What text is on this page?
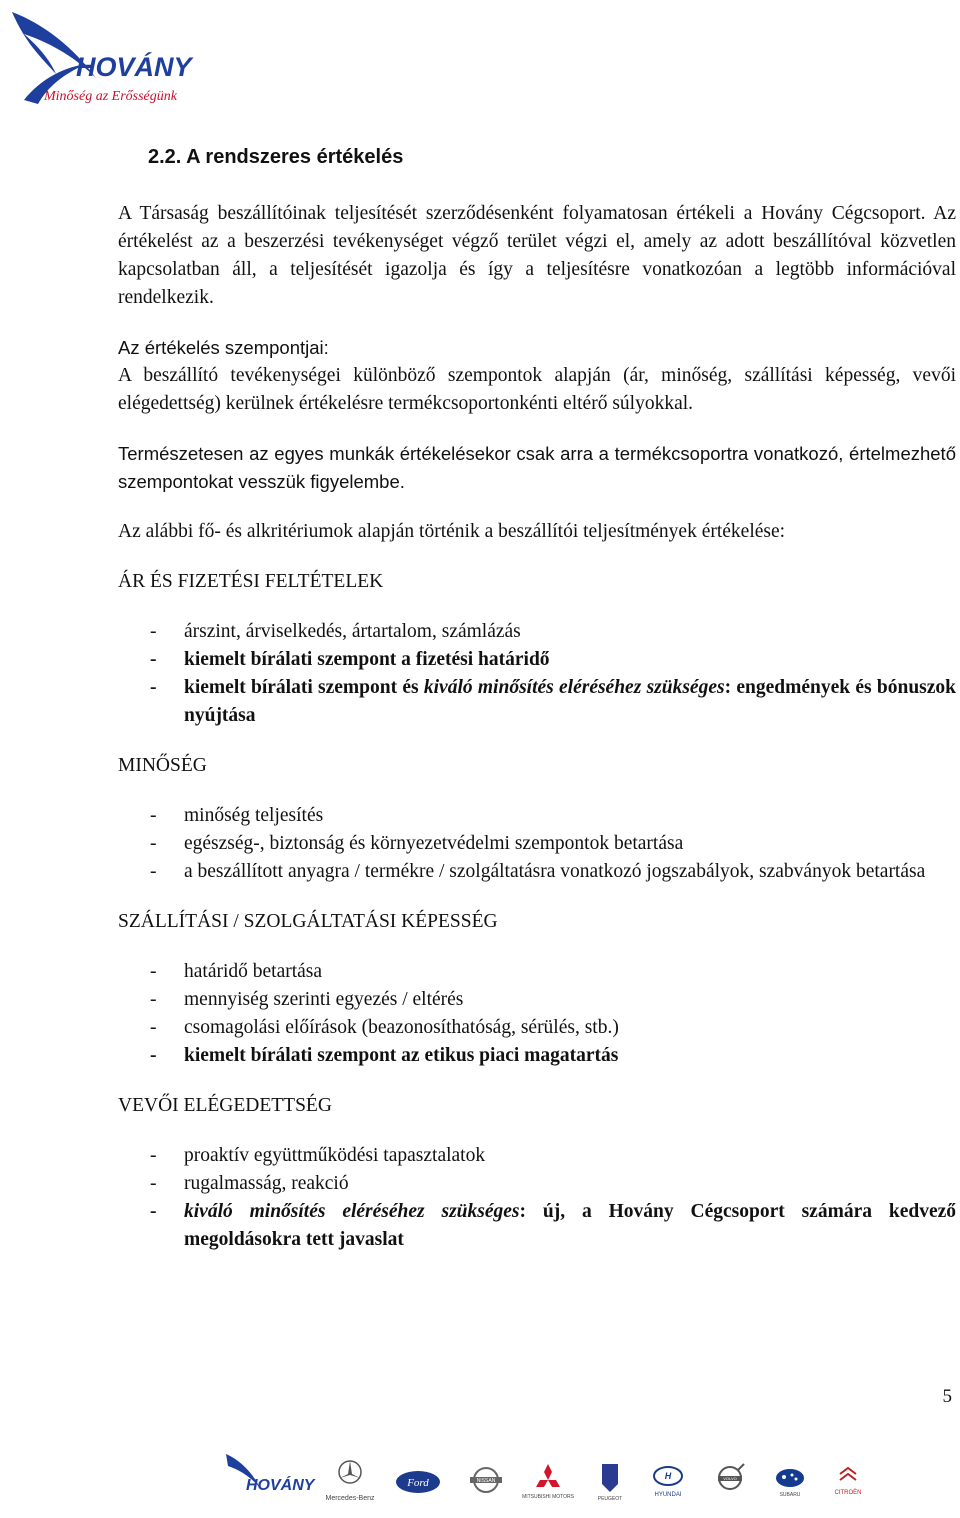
HOVÁNY
Minőség az Erősségünk
2.2. A rendszeres értékelés

A Társaság beszállítóinak teljesítését szerződésenként folyamatosan értékeli a Hovány Cégcsoport. Az értékelést az a beszerzési tevékenységet végző terület végzi el, amely az adott beszállítóval közvetlen kapcsolatban áll, a teljesítését igazolja és így a teljesítésre vonatkozóan a legtöbb információval rendelkezik.

Az értékelés szempontjai:

A beszállító tevékenységei különböző szempontok alapján (ár, minőség, szállítási képesség, vevői elégedettség) kerülnek értékelésre termékcsoportonkénti eltérő súlyokkal.

Természetesen az egyes munkák értékelésekor csak arra a termékcsoportra vonatkozó, értelmezhető szempontokat vesszük figyelembe.

Az alábbi fő- és alkritériumok alapján történik a beszállítói teljesítmények értékelése:

ÁR ÉS FIZETÉSI FELTÉTELEK

- árszint, árviselkedés, ártartalom, számlázás
- kiemelt bírálati szempont a fizetési határidő
- kiemelt bírálati szempont és kiváló minősítés eléréséhez szükséges: engedmények és bónuszok nyújtása

MINŐSÉG

- minőség teljesítés
- egészség-, biztonság és környezetvédelmi szempontok betartása
- a beszállított anyagra / termékre / szolgáltatásra vonatkozó jogszabályok, szabványok betartása

SZÁLLÍTÁSI / SZOLGÁLTATÁSI KÉPESSÉG

- határidő betartása
- mennyiség szerinti egyezés / eltérés
- csomagolási előírások (beazonosíthatóság, sérülés, stb.)
- kiemelt bírálati szempont az etikus piaci magatartás

VEVŐI ELÉGEDETTSÉG

- proaktív együttműködési tapasztalatok
- rugalmasság, reakció
- kiváló minősítés eléréséhez szükséges: új, a Hovány Cégcsoport számára kedvező megoldásokra tett javaslat
5
HOVÁNY
Mercedes-Benz
Ford	NISSAN
MITSUBISHI MOTORS	PEUGEOT
H
HYUNDAI
VOLVO
SUBARU	CITROËN
